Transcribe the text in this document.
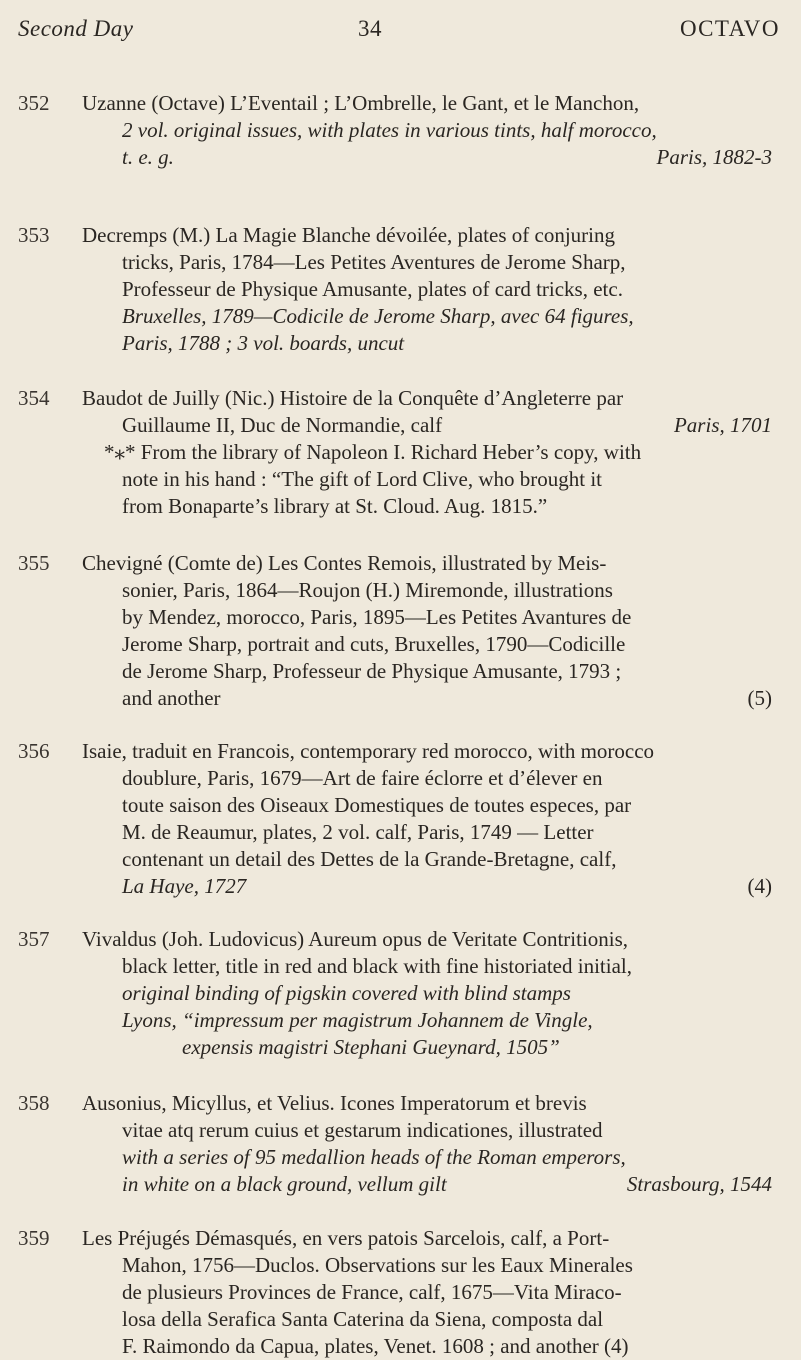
Second Day	34	OCTAVO
352 Uzanne (Octave) L’Eventail ; L’Ombrelle, le Gant, et le Manchon,
2 vol. original issues, with plates in various tints, half morocco,
t. e. g.	Paris, 1882-3
353 Decremps (M.) La Magie Blanche dévoilée, plates of conjuring
tricks, Paris, 1784—Les Petites Aventures de Jerome Sharp,
Professeur de Physique Amusante, plates of card tricks, etc.
Bruxelles, 1789—Codicile de Jerome Sharp, avec 64 figures,
Paris, 1788 ; 3 vol. boards, uncut
354 Baudot de Juilly (Nic.) Histoire de la Conquête d’Angleterre par
Guillaume II, Duc de Normandie, calf	Paris, 1701
*⁎* From the library of Napoleon I. Richard Heber’s copy, with
note in his hand : “The gift of Lord Clive, who brought it
from Bonaparte’s library at St. Cloud. Aug. 1815.”
355 Chevigné (Comte de) Les Contes Remois, illustrated by Meis-
sonier, Paris, 1864—Roujon (H.) Miremonde, illustrations
by Mendez, morocco, Paris, 1895—Les Petites Avantures de
Jerome Sharp, portrait and cuts, Bruxelles, 1790—Codicille
de Jerome Sharp, Professeur de Physique Amusante, 1793 ;
and another	(5)
356 Isaie, traduit en Francois, contemporary red morocco, with morocco
doublure, Paris, 1679—Art de faire éclorre et d’élever en
toute saison des Oiseaux Domestiques de toutes especes, par
M. de Reaumur, plates, 2 vol. calf, Paris, 1749 — Letter
contenant un detail des Dettes de la Grande-Bretagne, calf,
La Haye, 1727	(4)
357 Vivaldus (Joh. Ludovicus) Aureum opus de Veritate Contritionis,
black letter, title in red and black with fine historiated initial,
original binding of pigskin covered with blind stamps
Lyons, “impressum per magistrum Johannem de Vingle,
expensis magistri Stephani Gueynard, 1505”
358 Ausonius, Micyllus, et Velius. Icones Imperatorum et brevis
vitae atq rerum cuius et gestarum indicationes, illustrated
with a series of 95 medallion heads of the Roman emperors,
in white on a black ground, vellum gilt	Strasbourg, 1544
359 Les Préjugés Démasqués, en vers patois Sarcelois, calf, a Port-
Mahon, 1756—Duclos. Observations sur les Eaux Minerales
de plusieurs Provinces de France, calf, 1675—Vita Miraco-
losa della Serafica Santa Caterina da Siena, composta dal
F. Raimondo da Capua, plates, Venet. 1608 ; and another (4)
